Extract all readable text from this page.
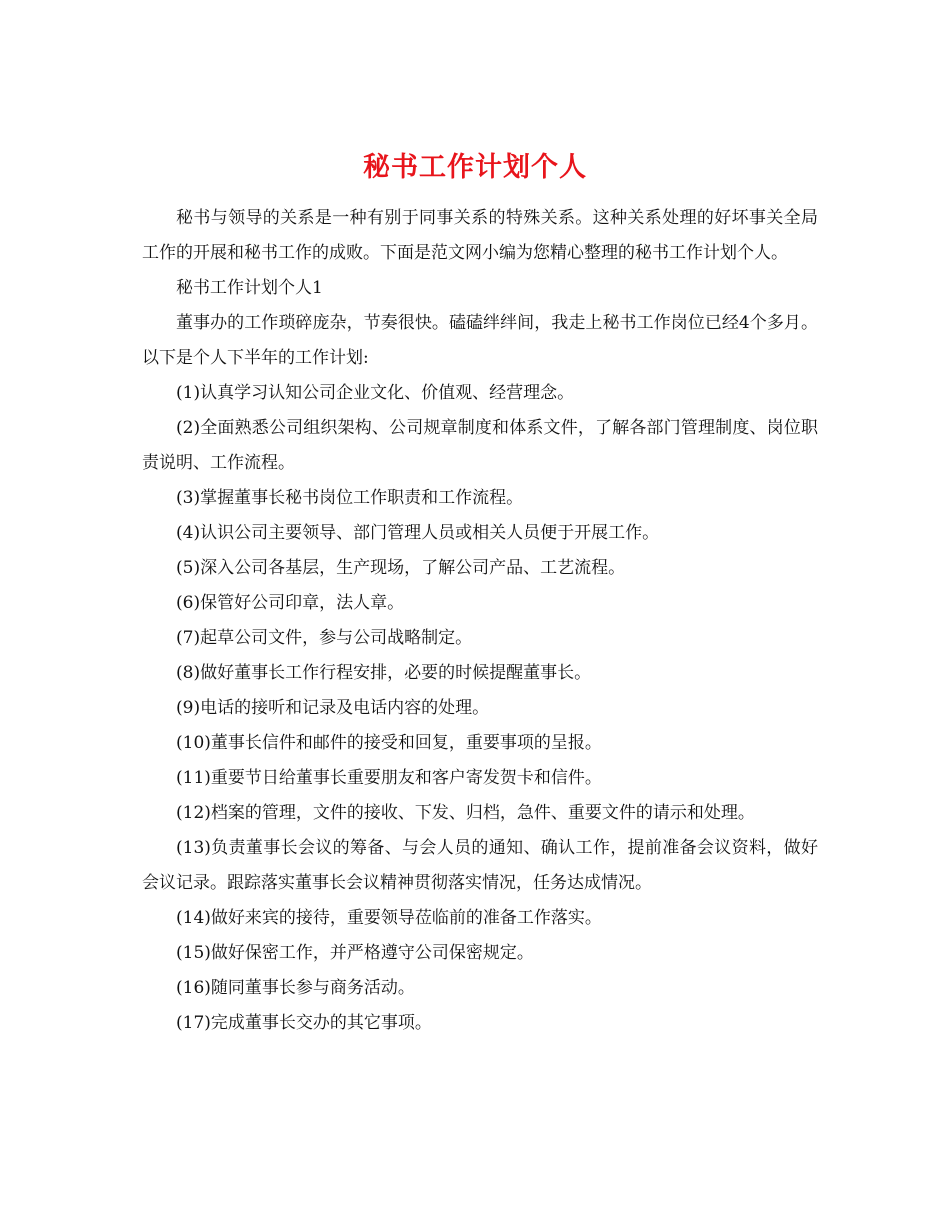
秘书工作计划个人

秘书与领导的关系是一种有别于同事关系的特殊关系。这种关系处理的好坏事关全局工作的开展和秘书工作的成败。下面是范文网小编为您精心整理的秘书工作计划个人。

秘书工作计划个人1

董事办的工作琐碎庞杂，节奏很快。磕磕绊绊间，我走上秘书工作岗位已经4个多月。以下是个人下半年的工作计划:

(1)认真学习认知公司企业文化、价值观、经营理念。

(2)全面熟悉公司组织架构、公司规章制度和体系文件，了解各部门管理制度、岗位职责说明、工作流程。

(3)掌握董事长秘书岗位工作职责和工作流程。

(4)认识公司主要领导、部门管理人员或相关人员便于开展工作。

(5)深入公司各基层，生产现场，了解公司产品、工艺流程。

(6)保管好公司印章，法人章。

(7)起草公司文件，参与公司战略制定。

(8)做好董事长工作行程安排，必要的时候提醒董事长。

(9)电话的接听和记录及电话内容的处理。

(10)董事长信件和邮件的接受和回复，重要事项的呈报。

(11)重要节日给董事长重要朋友和客户寄发贺卡和信件。

(12)档案的管理，文件的接收、下发、归档，急件、重要文件的请示和处理。

(13)负责董事长会议的筹备、与会人员的通知、确认工作，提前准备会议资料，做好会议记录。跟踪落实董事长会议精神贯彻落实情况，任务达成情况。

(14)做好来宾的接待，重要领导莅临前的准备工作落实。

(15)做好保密工作，并严格遵守公司保密规定。

(16)随同董事长参与商务活动。

(17)完成董事长交办的其它事项。
